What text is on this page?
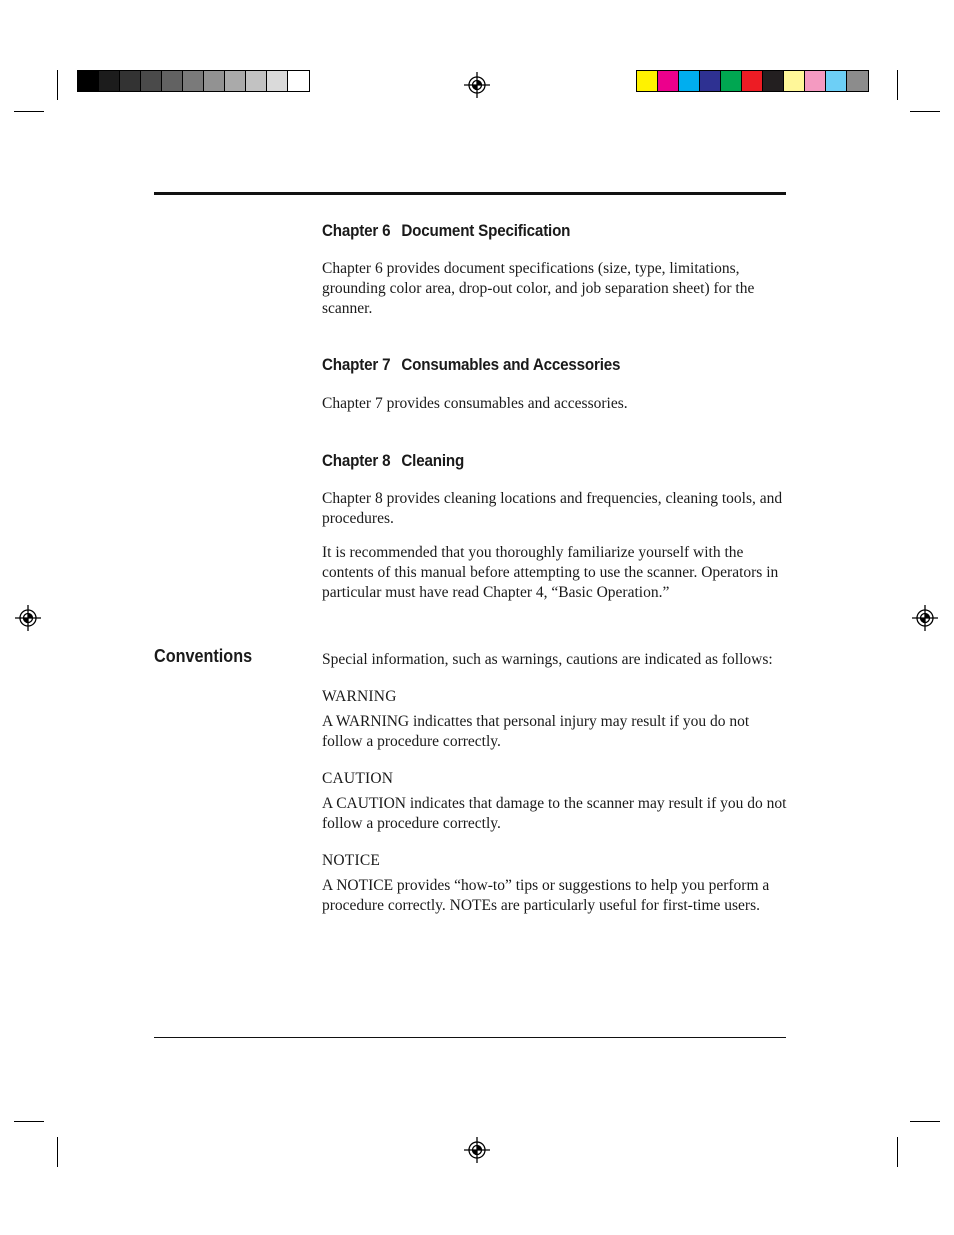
Chapter 6 Document Specification

Chapter 6 provides document specifications (size, type, limitations, grounding color area, drop-out color, and job separation sheet) for the scanner.

Chapter 7 Consumables and Accessories

Chapter 7 provides consumables and accessories.

Chapter 8 Cleaning

Chapter 8 provides cleaning locations and frequencies, cleaning tools, and procedures.

It is recommended that you thoroughly familiarize yourself with the contents of this manual before attempting to use the scanner. Operators in particular must have read Chapter 4, “Basic Operation.”

Conventions	Special information, such as warnings, cautions are indicated as follows:

WARNING

A WARNING indicattes that personal injury may result if you do not follow a procedure correctly.

CAUTION

A CAUTION indicates that damage to the scanner may result if you do not follow a procedure correctly.

NOTICE

A NOTICE provides “how-to” tips or suggestions to help you perform a procedure correctly. NOTEs are particularly useful for first-time users.
